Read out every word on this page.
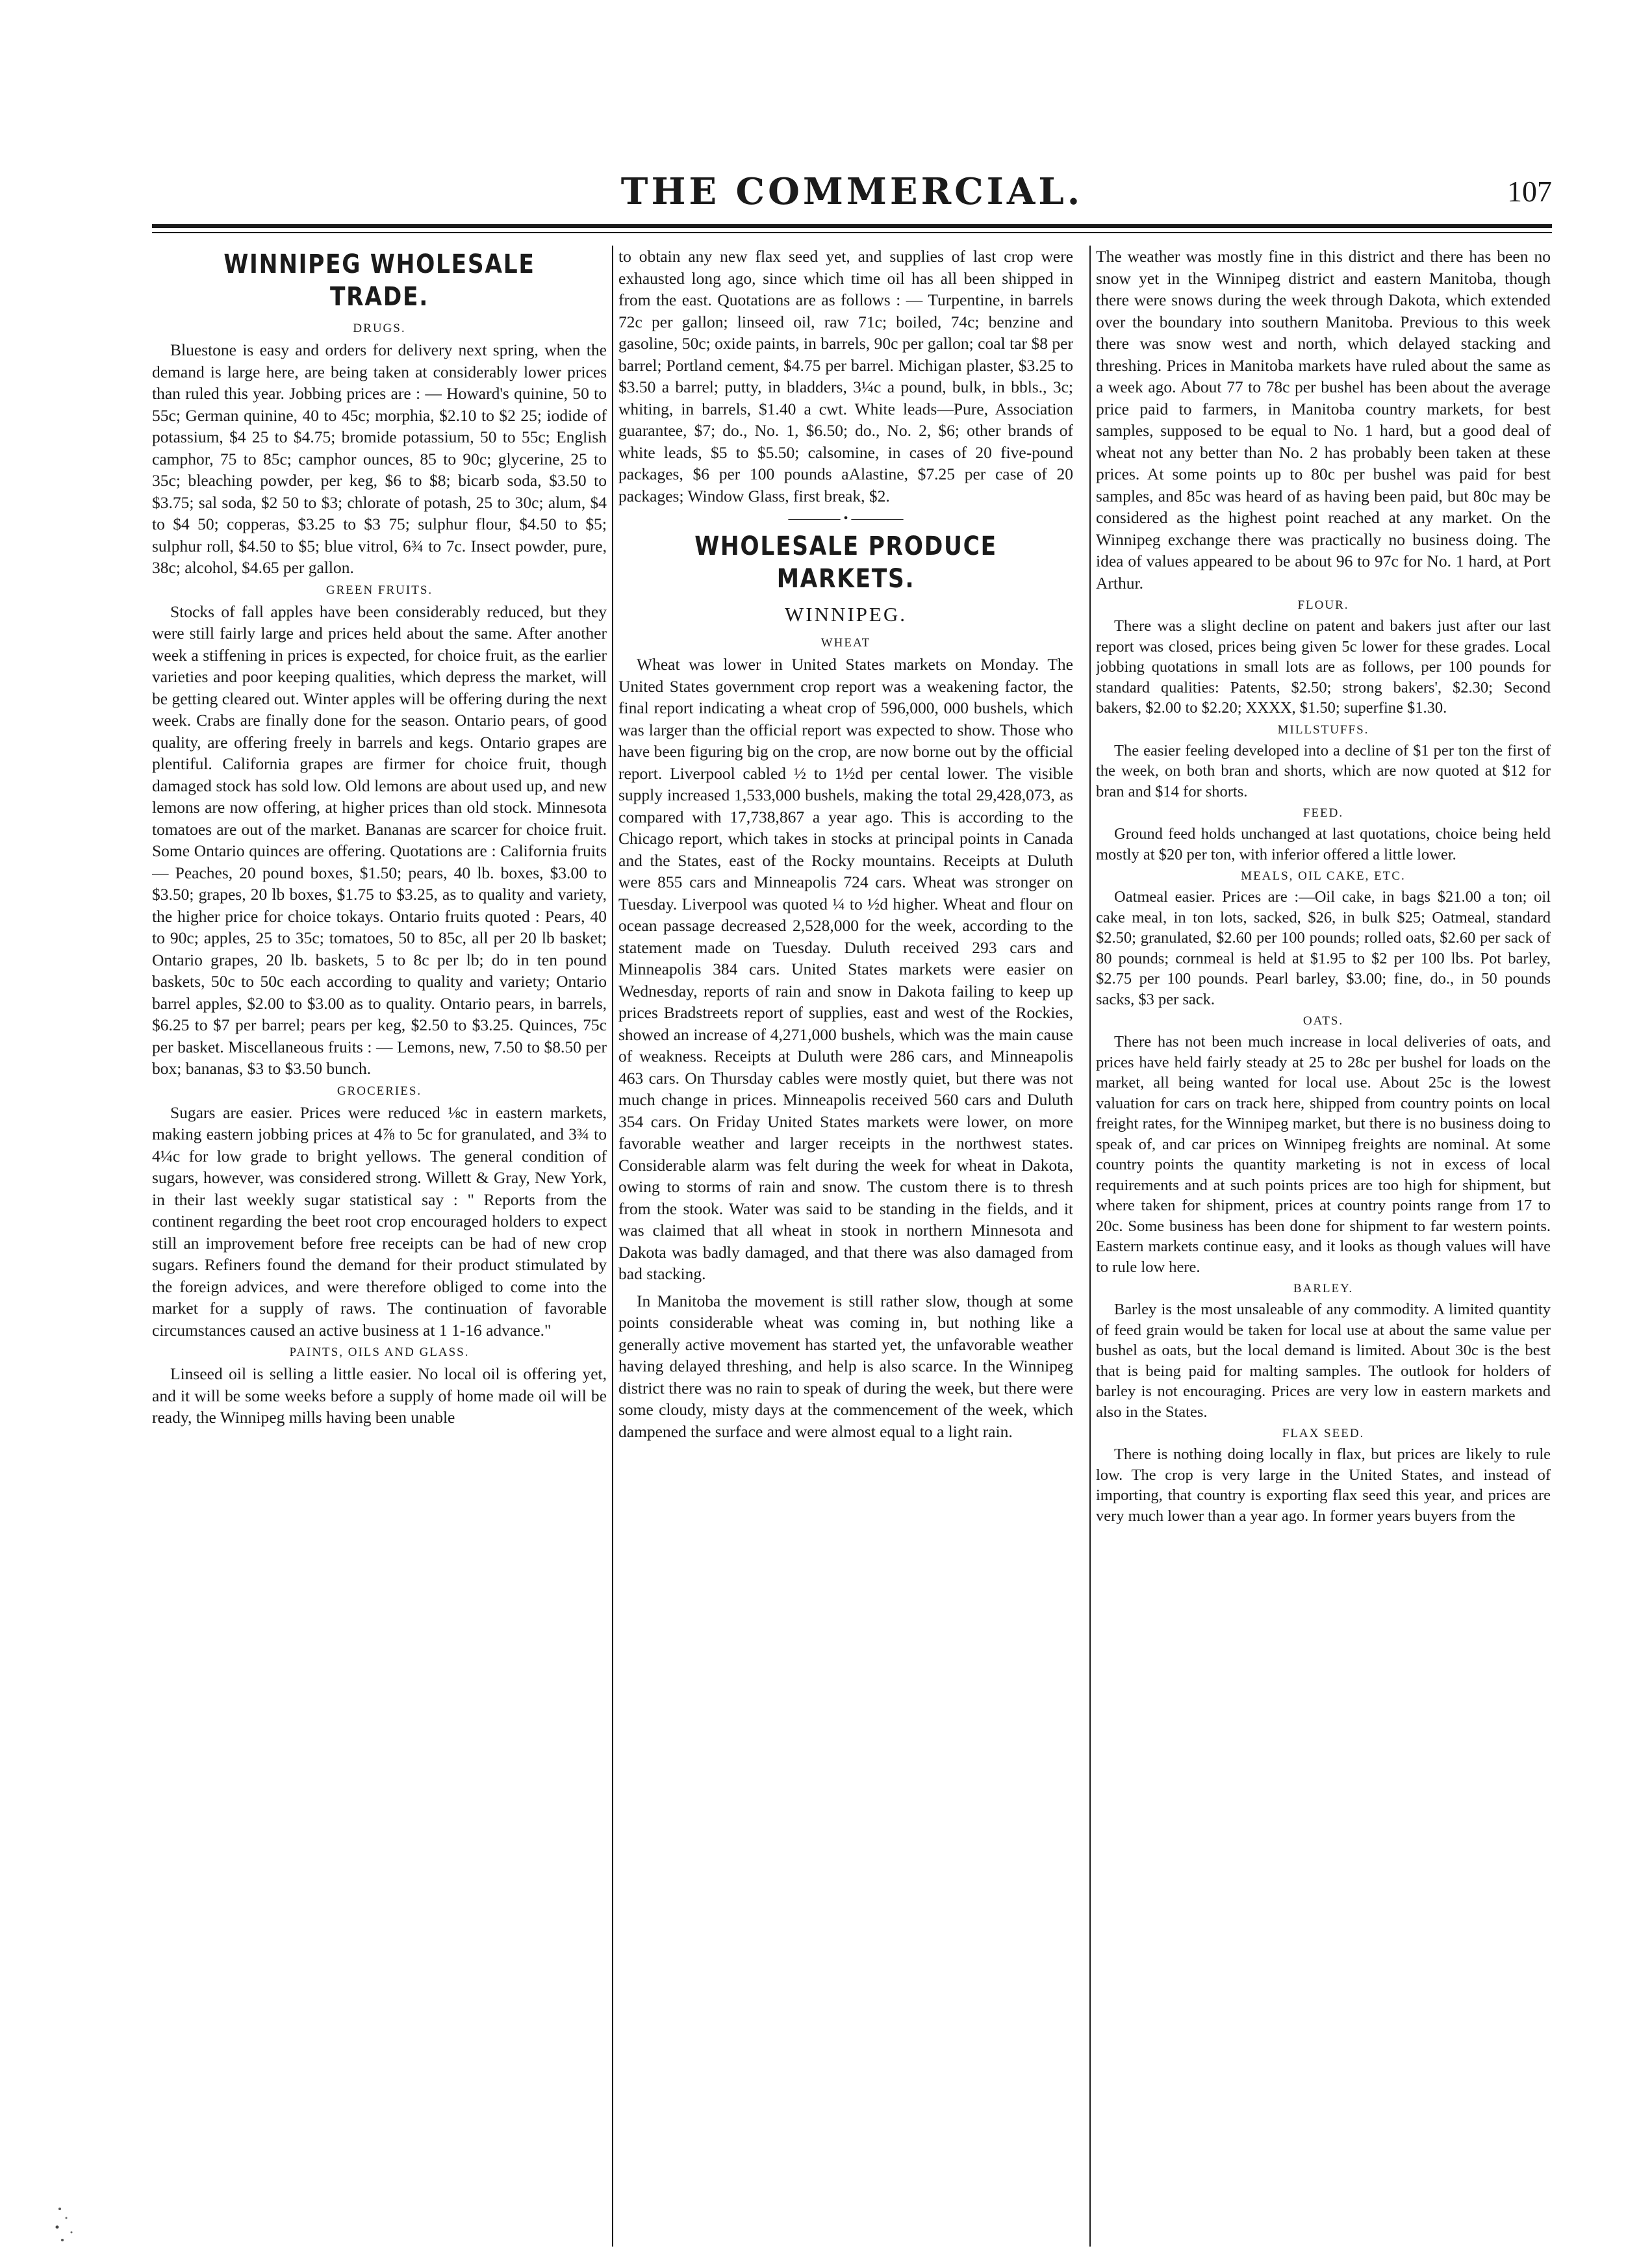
THE COMMERCIAL.	107
WINNIPEG WHOLESALE TRADE.
DRUGS.

Bluestone is easy and orders for delivery next spring, when the demand is large here, are being taken at considerably lower prices than ruled this year. Jobbing prices are : — Howard's quinine, 50 to 55c; German quinine, 40 to 45c; morphia, $2.10 to $2 25; iodide of potassium, $4 25 to $4.75; bromide potassium, 50 to 55c; English camphor, 75 to 85c; camphor ounces, 85 to 90c; glycerine, 25 to 35c; bleaching powder, per keg, $6 to $8; bicarb soda, $3.50 to $3.75; sal soda, $2 50 to $3; chlorate of potash, 25 to 30c; alum, $4 to $4 50; copperas, $3.25 to $3 75; sulphur flour, $4.50 to $5; sulphur roll, $4.50 to $5; blue vitrol, 6¾ to 7c. Insect powder, pure, 38c; alcohol, $4.65 per gallon.

GREEN FRUITS.

Stocks of fall apples have been considerably reduced, but they were still fairly large and prices held about the same. After another week a stiffening in prices is expected, for choice fruit, as the earlier varieties and poor keeping qualities, which depress the market, will be getting cleared out. Winter apples will be offering during the next week. Crabs are finally done for the season. Ontario pears, of good quality, are offering freely in barrels and kegs. Ontario grapes are plentiful. California grapes are firmer for choice fruit, though damaged stock has sold low. Old lemons are about used up, and new lemons are now offering, at higher prices than old stock. Minnesota tomatoes are out of the market. Bananas are scarcer for choice fruit. Some Ontario quinces are offering. Quotations are : California fruits — Peaches, 20 pound boxes, $1.50; pears, 40 lb. boxes, $3.00 to $3.50; grapes, 20 lb boxes, $1.75 to $3.25, as to quality and variety, the higher price for choice tokays. Ontario fruits quoted : Pears, 40 to 90c; apples, 25 to 35c; tomatoes, 50 to 85c, all per 20 lb basket; Ontario grapes, 20 lb. baskets, 5 to 8c per lb; do in ten pound baskets, 50c to 50c each according to quality and variety; Ontario barrel apples, $2.00 to $3.00 as to quality. Ontario pears, in barrels, $6.25 to $7 per barrel; pears per keg, $2.50 to $3.25. Quinces, 75c per basket. Miscellaneous fruits : — Lemons, new, 7.50 to $8.50 per box; bananas, $3 to $3.50 bunch.

GROCERIES.

Sugars are easier. Prices were reduced ⅛c in eastern markets, making eastern jobbing prices at 4⅞ to 5c for granulated, and 3¾ to 4¼c for low grade to bright yellows. The general condition of sugars, however, was considered strong. Willett & Gray, New York, in their last weekly sugar statistical say : " Reports from the continent regarding the beet root crop encouraged holders to expect still an improvement before free receipts can be had of new crop sugars. Refiners found the demand for their product stimulated by the foreign advices, and were therefore obliged to come into the market for a supply of raws. The continuation of favorable circumstances caused an active business at 1 1-16 advance."

PAINTS, OILS AND GLASS.

Linseed oil is selling a little easier. No local oil is offering yet, and it will be some weeks before a supply of home made oil will be ready, the Winnipeg mills having been unable

to obtain any new flax seed yet, and supplies of last crop were exhausted long ago, since which time oil has all been shipped in from the east. Quotations are as follows : — Turpentine, in barrels 72c per gallon; linseed oil, raw 71c; boiled, 74c; benzine and gasoline, 50c; oxide paints, in barrels, 90c per gallon; coal tar $8 per barrel; Portland cement, $4.75 per barrel. Michigan plaster, $3.25 to $3.50 a barrel; putty, in bladders, 3¼c a pound, bulk, in bbls., 3c; whiting, in barrels, $1.40 a cwt. White leads—Pure, Association guarantee, $7; do., No. 1, $6.50; do., No. 2, $6; other brands of white leads, $5 to $5.50; calsomine, in cases of 20 five-pound packages, $6 per 100 pounds aAlastine, $7.25 per case of 20 packages; Window Glass, first break, $2.

———— • ————
WHOLESALE PRODUCE MARKETS.
WINNIPEG.
WHEAT

Wheat was lower in United States markets on Monday. The United States government crop report was a weakening factor, the final report indicating a wheat crop of 596,000, 000 bushels, which was larger than the official report was expected to show. Those who have been figuring big on the crop, are now borne out by the official report. Liverpool cabled ½ to 1½d per cental lower. The visible supply increased 1,533,000 bushels, making the total 29,428,073, as compared with 17,738,867 a year ago. This is according to the Chicago report, which takes in stocks at principal points in Canada and the States, east of the Rocky mountains. Receipts at Duluth were 855 cars and Minneapolis 724 cars. Wheat was stronger on Tuesday. Liverpool was quoted ¼ to ½d higher. Wheat and flour on ocean passage decreased 2,528,000 for the week, according to the statement made on Tuesday. Duluth received 293 cars and Minneapolis 384 cars. United States markets were easier on Wednesday, reports of rain and snow in Dakota failing to keep up prices Bradstreets report of supplies, east and west of the Rockies, showed an increase of 4,271,000 bushels, which was the main cause of weakness. Receipts at Duluth were 286 cars, and Minneapolis 463 cars. On Thursday cables were mostly quiet, but there was not much change in prices. Minneapolis received 560 cars and Duluth 354 cars. On Friday United States markets were lower, on more favorable weather and larger receipts in the northwest states. Considerable alarm was felt during the week for wheat in Dakota, owing to storms of rain and snow. The custom there is to thresh from the stook. Water was said to be standing in the fields, and it was claimed that all wheat in stook in northern Minnesota and Dakota was badly damaged, and that there was also damaged from bad stacking.

In Manitoba the movement is still rather slow, though at some points considerable wheat was coming in, but nothing like a generally active movement has started yet, the unfavorable weather having delayed threshing, and help is also scarce. In the Winnipeg district there was no rain to speak of during the week, but there were some cloudy, misty days at the commencement of the week, which dampened the surface and were almost equal to a light rain.

The weather was mostly fine in this district and there has been no snow yet in the Winnipeg district and eastern Manitoba, though there were snows during the week through Dakota, which extended over the boundary into southern Manitoba. Previous to this week there was snow west and north, which delayed stacking and threshing. Prices in Manitoba markets have ruled about the same as a week ago. About 77 to 78c per bushel has been about the average price paid to farmers, in Manitoba country markets, for best samples, supposed to be equal to No. 1 hard, but a good deal of wheat not any better than No. 2 has probably been taken at these prices. At some points up to 80c per bushel was paid for best samples, and 85c was heard of as having been paid, but 80c may be considered as the highest point reached at any market. On the Winnipeg exchange there was practically no business doing. The idea of values appeared to be about 96 to 97c for No. 1 hard, at Port Arthur.

FLOUR.

There was a slight decline on patent and bakers just after our last report was closed, prices being given 5c lower for these grades. Local jobbing quotations in small lots are as follows, per 100 pounds for standard qualities: Patents, $2.50; strong bakers', $2.30; Second bakers, $2.00 to $2.20; XXXX, $1.50; superfine $1.30.

MILLSTUFFS.

The easier feeling developed into a decline of $1 per ton the first of the week, on both bran and shorts, which are now quoted at $12 for bran and $14 for shorts.

FEED.

Ground feed holds unchanged at last quotations, choice being held mostly at $20 per ton, with inferior offered a little lower.

MEALS, OIL CAKE, ETC.

Oatmeal easier. Prices are :—Oil cake, in bags $21.00 a ton; oil cake meal, in ton lots, sacked, $26, in bulk $25; Oatmeal, standard $2.50; granulated, $2.60 per 100 pounds; rolled oats, $2.60 per sack of 80 pounds; cornmeal is held at $1.95 to $2 per 100 lbs. Pot barley, $2.75 per 100 pounds. Pearl barley, $3.00; fine, do., in 50 pounds sacks, $3 per sack.

OATS.

There has not been much increase in local deliveries of oats, and prices have held fairly steady at 25 to 28c per bushel for loads on the market, all being wanted for local use. About 25c is the lowest valuation for cars on track here, shipped from country points on local freight rates, for the Winnipeg market, but there is no business doing to speak of, and car prices on Winnipeg freights are nominal. At some country points the quantity marketing is not in excess of local requirements and at such points prices are too high for shipment, but where taken for shipment, prices at country points range from 17 to 20c. Some business has been done for shipment to far western points. Eastern markets continue easy, and it looks as though values will have to rule low here.

BARLEY.

Barley is the most unsaleable of any commodity. A limited quantity of feed grain would be taken for local use at about the same value per bushel as oats, but the local demand is limited. About 30c is the best that is being paid for malting samples. The outlook for holders of barley is not encouraging. Prices are very low in eastern markets and also in the States.

FLAX SEED.

There is nothing doing locally in flax, but prices are likely to rule low. The crop is very large in the United States, and instead of importing, that country is exporting flax seed this year, and prices are very much lower than a year ago. In former years buyers from the
